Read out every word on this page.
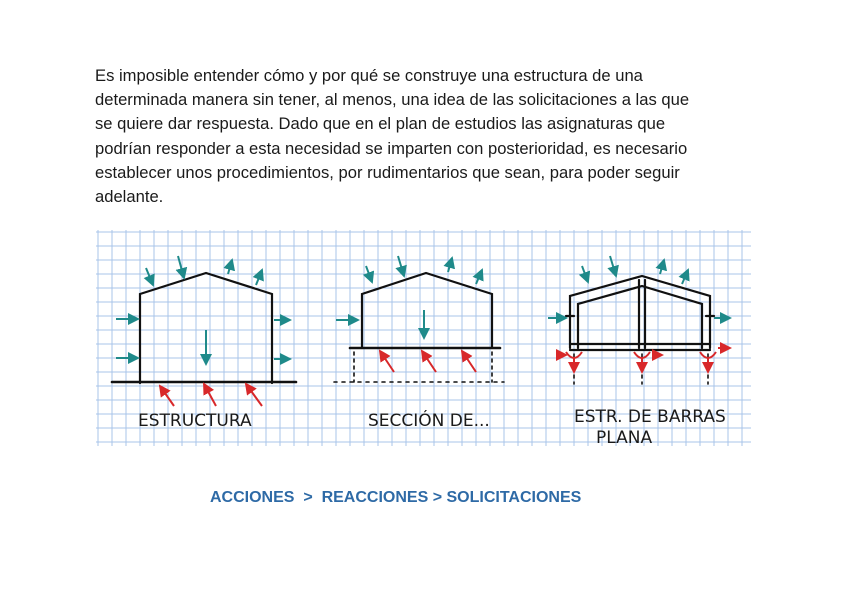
Es imposible entender cómo y por qué se construye una estructura de una
determinada manera sin tener, al menos, una idea de las solicitaciones a las que
se quiere dar respuesta. Dado que en el plan de estudios las asignaturas que
podrían responder a esta necesidad se imparten con posterioridad, es necesario
establecer unos procedimientos, por rudimentarios que sean, para poder seguir
adelante.
ESTRUCTURA	SECCIÓN DE...	ESTR. DE BARRAS
PLANA
ACCIONES  >  REACCIONES > SOLICITACIONES
